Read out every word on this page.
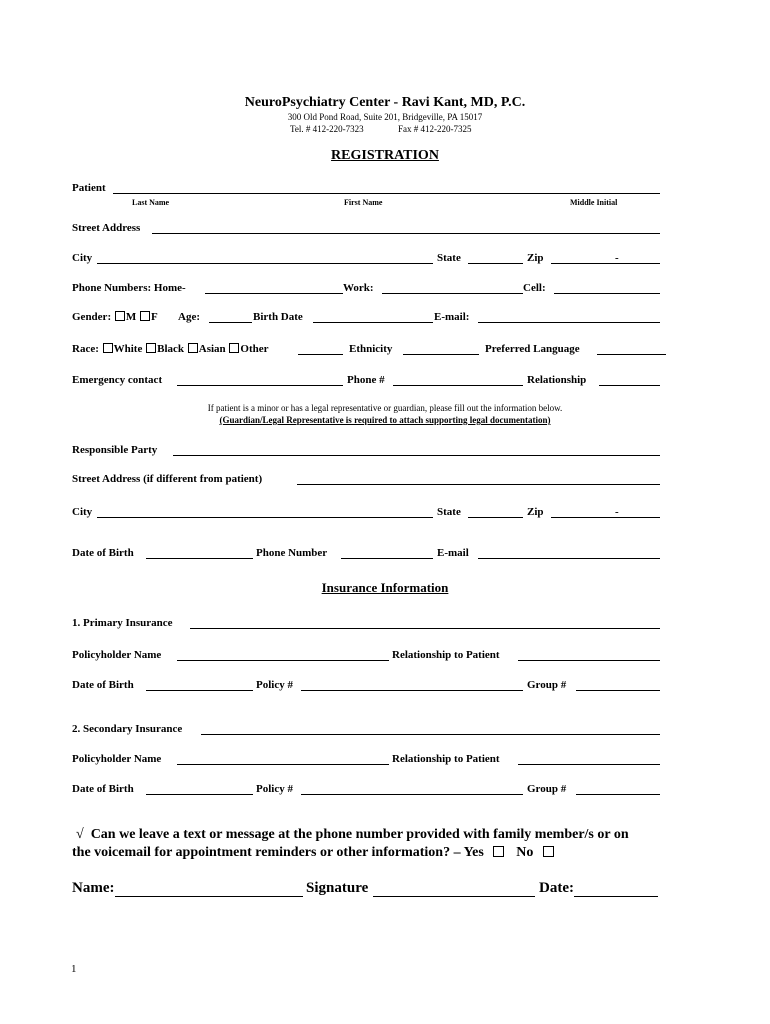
NeuroPsychiatry Center - Ravi Kant, MD, P.C.
300 Old Pond Road, Suite 201, Bridgeville, PA 15017
Tel. # 412-220-7323	Fax # 412-220-7325
REGISTRATION
Patient
Last Name	First Name	Middle Initial
Street Address
City	State	Zip	-
Phone Numbers: Home-	Work:	Cell:
Gender: M F Age:	Birth Date	E-mail:
Race: White Black Asian Other	Ethnicity	Preferred Language
Emergency contact	Phone #	Relationship
If patient is a minor or has a legal representative or guardian, please fill out the information below.
(Guardian/Legal Representative is required to attach supporting legal documentation)
Responsible Party
Street Address (if different from patient)
City	State	Zip	-
Date of Birth	Phone Number	E-mail
Insurance Information
1. Primary Insurance
Policyholder Name	Relationship to Patient
Date of Birth	Policy #	Group #
2. Secondary Insurance
Policyholder Name	Relationship to Patient
Date of Birth	Policy #	Group #
√ Can we leave a text or message at the phone number provided with family member/s or on
the voicemail for appointment reminders or other information? – Yes No
Name:	Signature	Date:
1
